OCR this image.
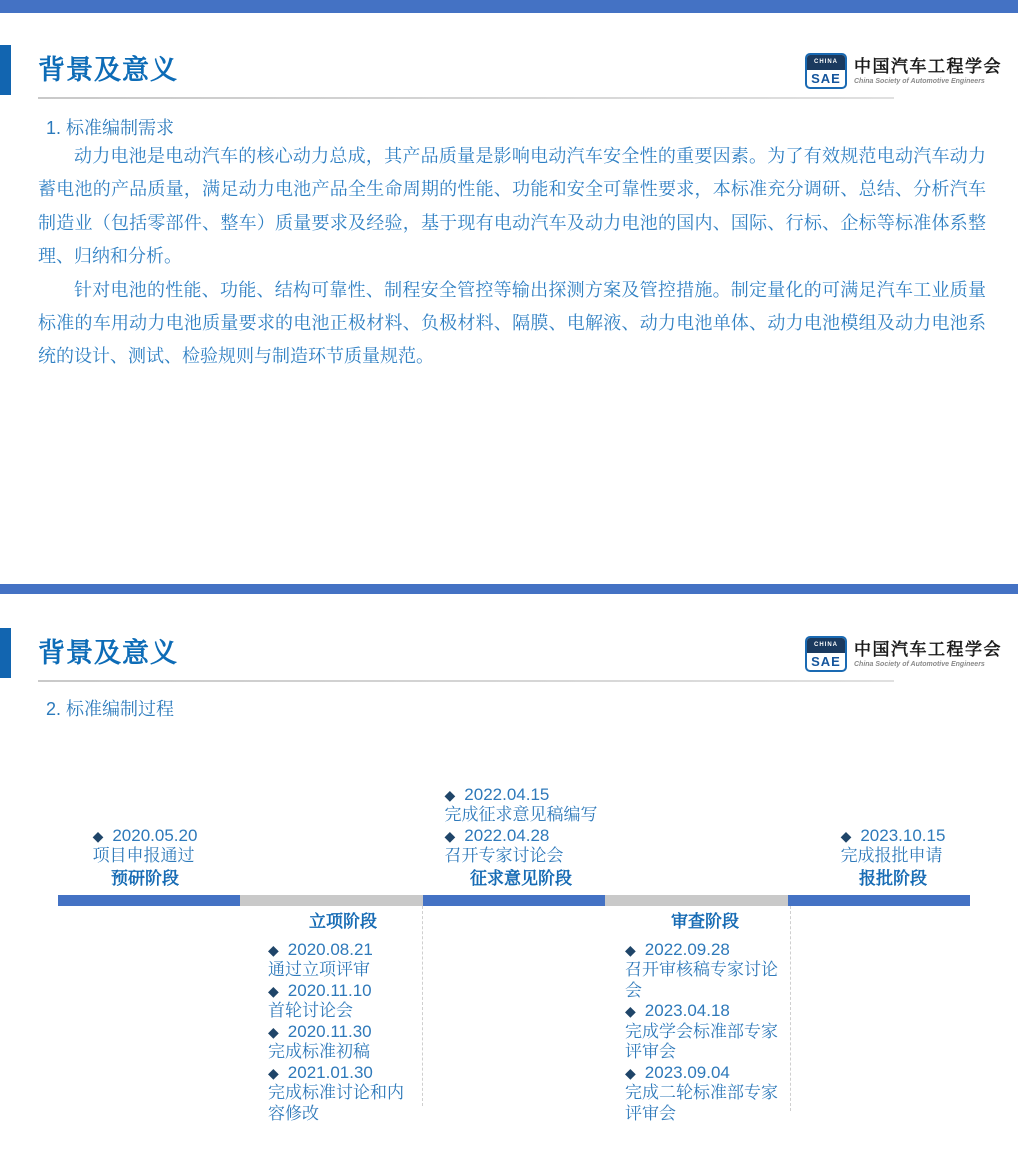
背景及意义	CHINA
SAE
中国汽车工程学会
China Society of Automotive Engineers
1. 标准编制需求

动力电池是电动汽车的核心动力总成，其产品质量是影响电动汽车安全性的重要因素。为了有效规范电动汽车动力蓄电池的产品质量，满足动力电池产品全生命周期的性能、功能和安全可靠性要求，本标准充分调研、总结、分析汽车制造业（包括零部件、整车）质量要求及经验，基于现有电动汽车及动力电池的国内、国际、行标、企标等标准体系整理、归纳和分析。

针对电池的性能、功能、结构可靠性、制程安全管控等输出探测方案及管控措施。制定量化的可满足汽车工业质量标准的车用动力电池质量要求的电池正极材料、负极材料、隔膜、电解液、动力电池单体、动力电池模组及动力电池系统的设计、测试、检验规则与制造环节质量规范。

背景及意义	CHINA
SAE
中国汽车工程学会
China Society of Automotive Engineers
2. 标准编制过程
◆ 2020.05.20
项目申报通过
预研阶段
◆ 2022.04.15
完成征求意见稿编写
◆ 2022.04.28
召开专家讨论会
征求意见阶段
◆ 2023.10.15
完成报批申请
报批阶段
立项阶段
◆ 2020.08.21
通过立项评审
◆ 2020.11.10
首轮讨论会
◆ 2020.11.30
完成标准初稿
◆ 2021.01.30
完成标准讨论和内容修改
审查阶段
◆ 2022.09.28
召开审核稿专家讨论会
◆ 2023.04.18
完成学会标准部专家评审会
◆ 2023.09.04
完成二轮标准部专家评审会
